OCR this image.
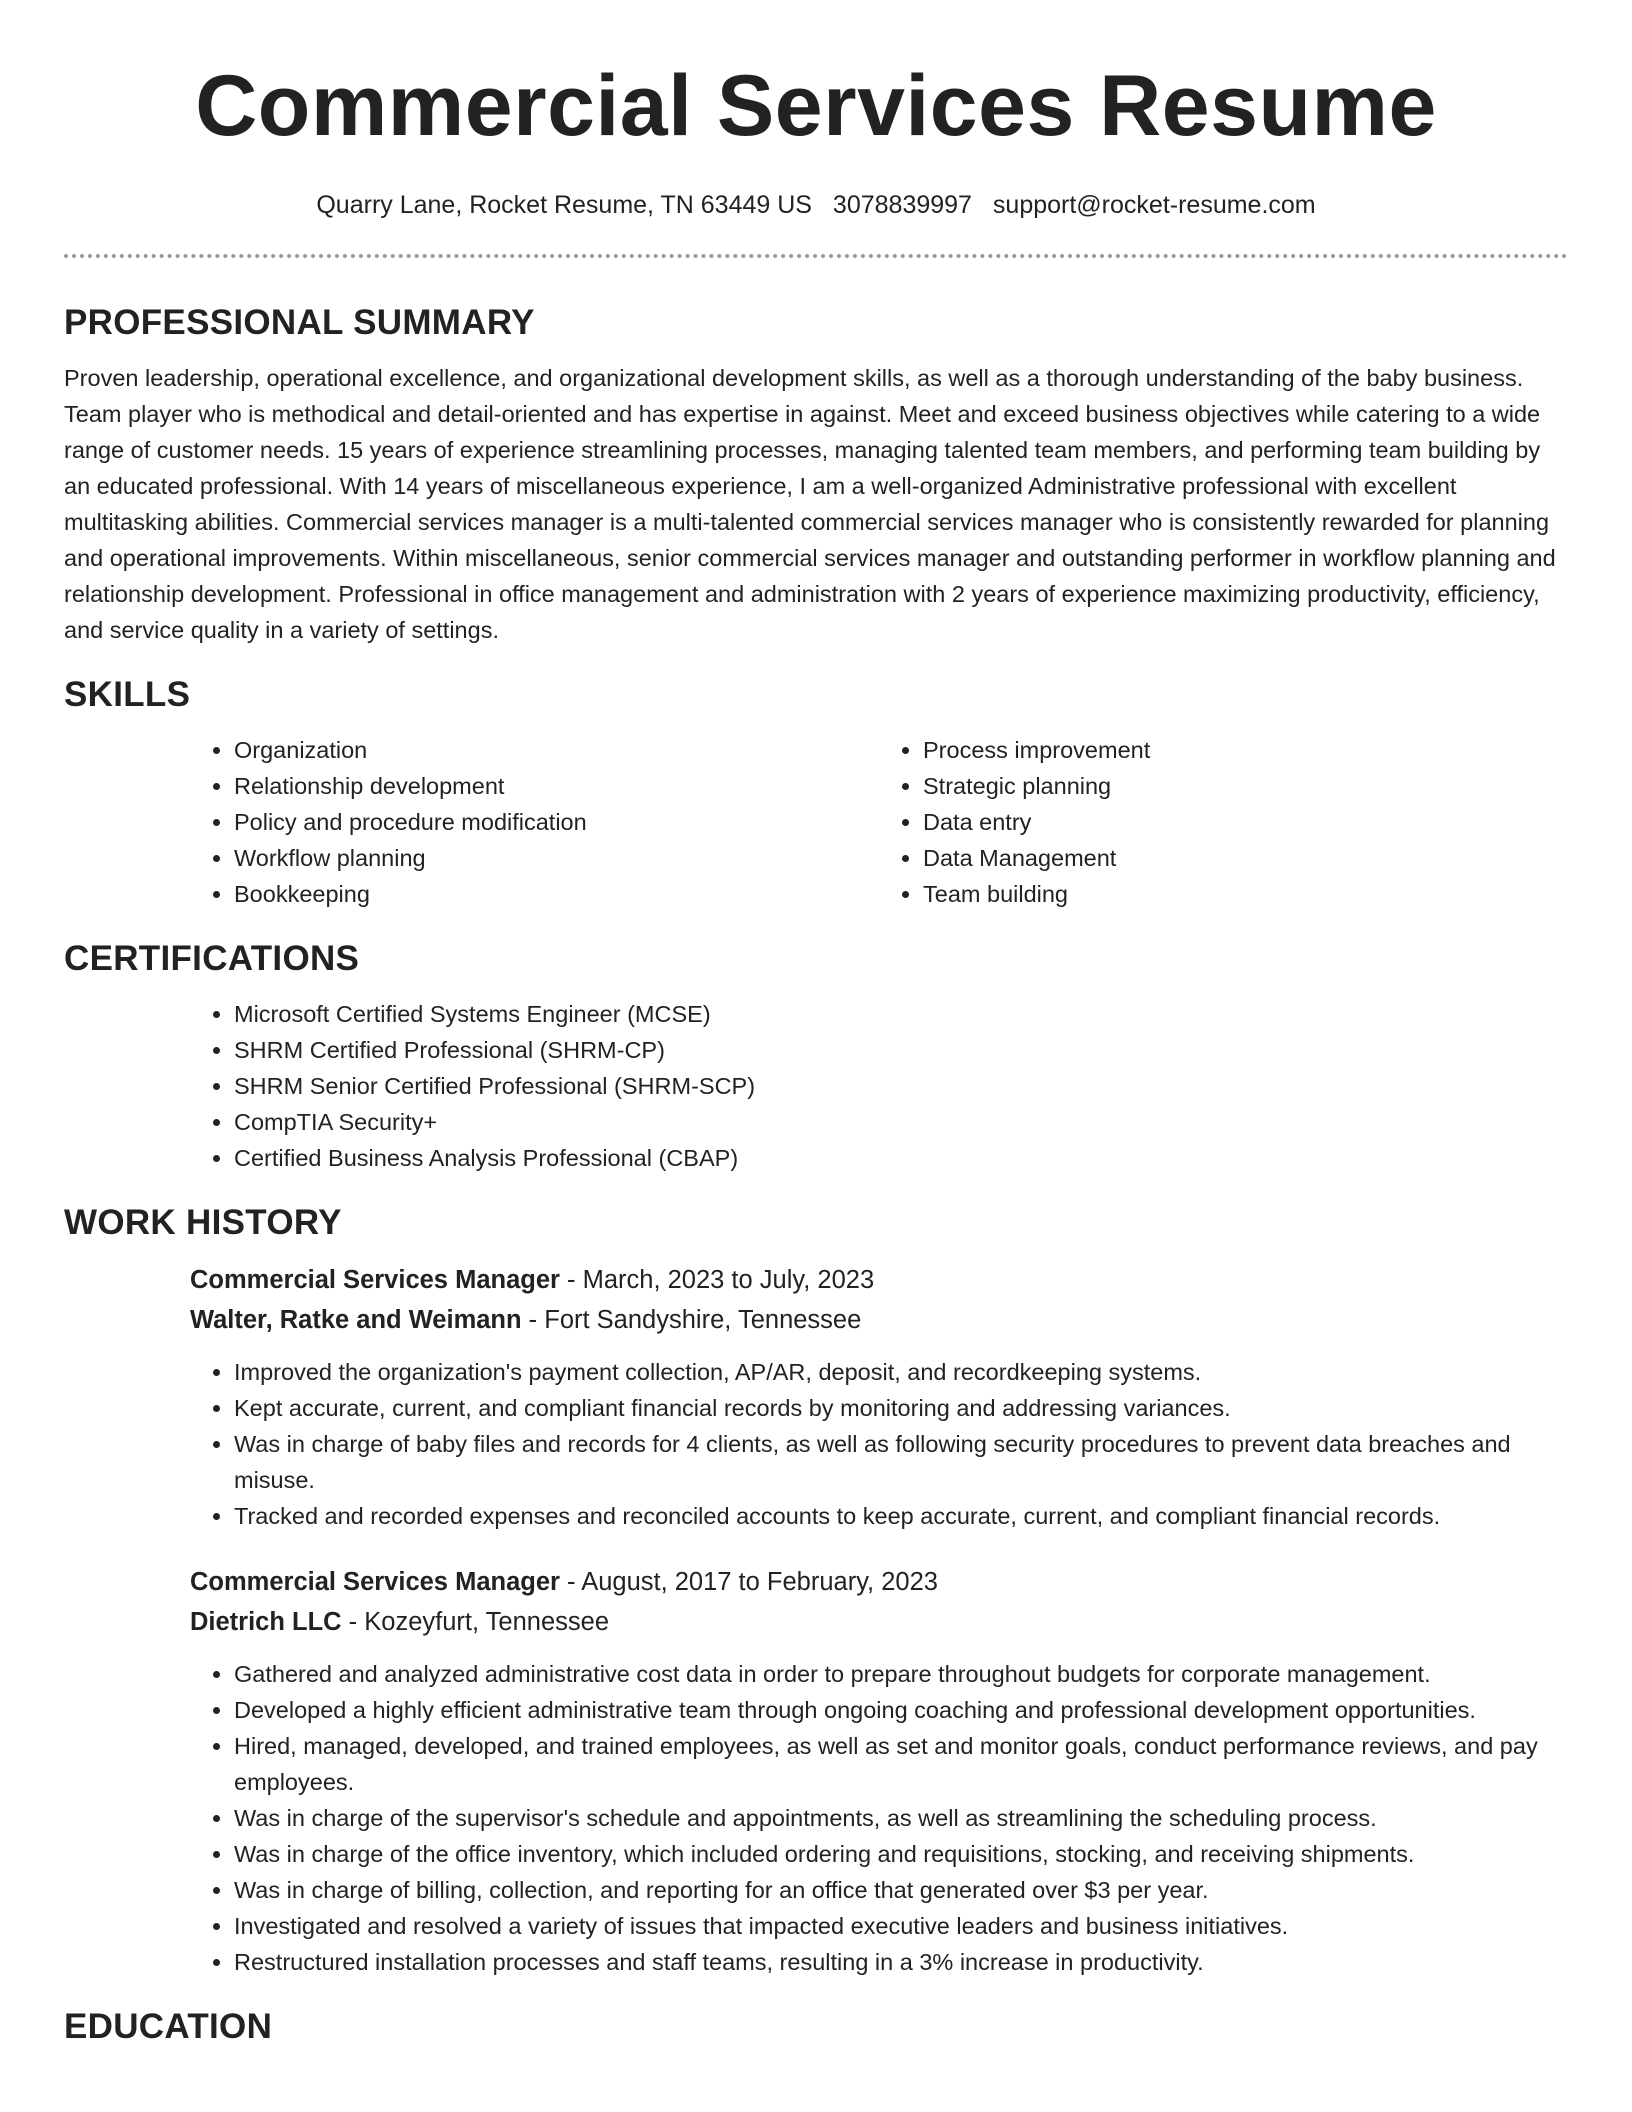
Commercial Services Resume
Quarry Lane, Rocket Resume, TN 63449 US 3078839997 support@rocket-resume.com
PROFESSIONAL SUMMARY

Proven leadership, operational excellence, and organizational development skills, as well as a thorough understanding of the baby business. Team player who is methodical and detail-oriented and has expertise in against. Meet and exceed business objectives while catering to a wide range of customer needs. 15 years of experience streamlining processes, managing talented team members, and performing team building by an educated professional. With 14 years of miscellaneous experience, I am a well-organized Administrative professional with excellent multitasking abilities. Commercial services manager is a multi-talented commercial services manager who is consistently rewarded for planning and operational improvements. Within miscellaneous, senior commercial services manager and outstanding performer in workflow planning and relationship development. Professional in office management and administration with 2 years of experience maximizing productivity, efficiency, and service quality in a variety of settings.

SKILLS
• Organization
• Relationship development
• Policy and procedure modification
• Workflow planning
• Bookkeeping
• Process improvement
• Strategic planning
• Data entry
• Data Management
• Team building
CERTIFICATIONS
• Microsoft Certified Systems Engineer (MCSE)
• SHRM Certified Professional (SHRM-CP)
• SHRM Senior Certified Professional (SHRM-SCP)
• CompTIA Security+
• Certified Business Analysis Professional (CBAP)
WORK HISTORY
Commercial Services Manager - March, 2023 to July, 2023
Walter, Ratke and Weimann - Fort Sandyshire, Tennessee
• Improved the organization's payment collection, AP/AR, deposit, and recordkeeping systems.
• Kept accurate, current, and compliant financial records by monitoring and addressing variances.
• Was in charge of baby files and records for 4 clients, as well as following security procedures to prevent data breaches and misuse.
• Tracked and recorded expenses and reconciled accounts to keep accurate, current, and compliant financial records.
Commercial Services Manager - August, 2017 to February, 2023
Dietrich LLC - Kozeyfurt, Tennessee
• Gathered and analyzed administrative cost data in order to prepare throughout budgets for corporate management.
• Developed a highly efficient administrative team through ongoing coaching and professional development opportunities.
• Hired, managed, developed, and trained employees, as well as set and monitor goals, conduct performance reviews, and pay employees.
• Was in charge of the supervisor's schedule and appointments, as well as streamlining the scheduling process.
• Was in charge of the office inventory, which included ordering and requisitions, stocking, and receiving shipments.
• Was in charge of billing, collection, and reporting for an office that generated over $3 per year.
• Investigated and resolved a variety of issues that impacted executive leaders and business initiatives.
• Restructured installation processes and staff teams, resulting in a 3% increase in productivity.
EDUCATION
